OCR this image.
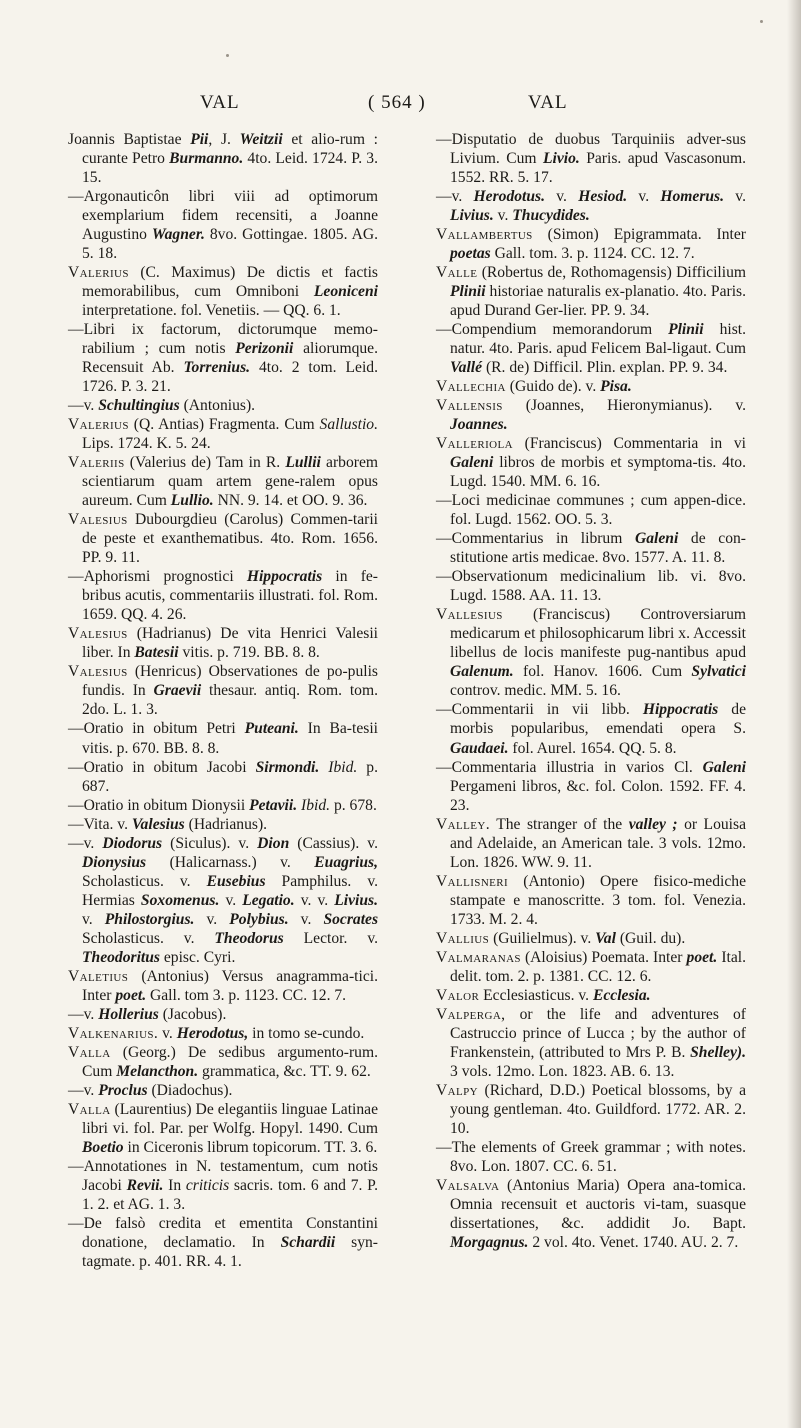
VAL	( 564 )	VAL
Joannis Baptistae Pii, J. Weitzii et alio-rum : curante Petro Burmanno. 4to. Leid. 1724. P. 3. 15.
—Argonauticôn libri viii ad optimorum exemplarium fidem recensiti, a Joanne Augustino Wagner. 8vo. Gottingae. 1805. AG. 5. 18.
Valerius (C. Maximus) De dictis et factis memorabilibus, cum Omniboni Leoniceni interpretatione. fol. Venetiis. — QQ. 6. 1.
—Libri ix factorum, dictorumque memo-rabilium ; cum notis Perizonii aliorumque. Recensuit Ab. Torrenius. 4to. 2 tom. Leid. 1726. P. 3. 21.
—v. Schultingius (Antonius).
Valerius (Q. Antias) Fragmenta. Cum Sallustio. Lips. 1724. K. 5. 24.
Valeriis (Valerius de) Tam in R. Lullii arborem scientiarum quam artem gene-ralem opus aureum. Cum Lullio. NN. 9. 14. et OO. 9. 36.
Valesius Dubourgdieu (Carolus) Commen-tarii de peste et exanthematibus. 4to. Rom. 1656. PP. 9. 11.
—Aphorismi prognostici Hippocratis in fe-bribus acutis, commentariis illustrati. fol. Rom. 1659. QQ. 4. 26.
Valesius (Hadrianus) De vita Henrici Valesii liber. In Batesii vitis. p. 719. BB. 8. 8.
Valesius (Henricus) Observationes de po-pulis fundis. In Graevii thesaur. antiq. Rom. tom. 2do. L. 1. 3.
—Oratio in obitum Petri Puteani. In Ba-tesii vitis. p. 670. BB. 8. 8.
—Oratio in obitum Jacobi Sirmondi. Ibid. p. 687.
—Oratio in obitum Dionysii Petavii. Ibid. p. 678.
—Vita. v. Valesius (Hadrianus).
—v. Diodorus (Siculus). v. Dion (Cassius). v. Dionysius (Halicarnass.) v. Euagrius, Scholasticus. v. Eusebius Pamphilus. v. Hermias Soxomenus. v. Legatio. v. v. Livius. v. Philostorgius. v. Polybius. v. Socrates Scholasticus. v. Theodorus Lector. v. Theodoritus episc. Cyri.
Valetius (Antonius) Versus anagramma-tici. Inter poet. Gall. tom 3. p. 1123. CC. 12. 7.
—v. Hollerius (Jacobus).
Valkenarius. v. Herodotus, in tomo se-cundo.
Valla (Georg.) De sedibus argumento-rum. Cum Melancthon. grammatica, &c. TT. 9. 62.
—v. Proclus (Diadochus).
Valla (Laurentius) De elegantiis linguae Latinae libri vi. fol. Par. per Wolfg. Hopyl. 1490. Cum Boetio in Ciceronis librum topicorum. TT. 3. 6.
—Annotationes in N. testamentum, cum notis Jacobi Revii. In criticis sacris. tom. 6 and 7. P. 1. 2. et AG. 1. 3.
—De falsò credita et ementita Constantini donatione, declamatio. In Schardii syn-tagmate. p. 401. RR. 4. 1.
—Disputatio de duobus Tarquiniis adver-sus Livium. Cum Livio. Paris. apud Vascasonum. 1552. RR. 5. 17.
—v. Herodotus. v. Hesiod. v. Homerus. v. Livius. v. Thucydides.
Vallambertus (Simon) Epigrammata. Inter poetas Gall. tom. 3. p. 1124. CC. 12. 7.
Valle (Robertus de, Rothomagensis) Difficilium Plinii historiae naturalis ex-planatio. 4to. Paris. apud Durand Ger-lier. PP. 9. 34.
—Compendium memorandorum Plinii hist. natur. 4to. Paris. apud Felicem Bal-ligaut. Cum Vallé (R. de) Difficil. Plin. explan. PP. 9. 34.
Vallechia (Guido de). v. Pisa.
Vallensis (Joannes, Hieronymianus). v. Joannes.
Valleriola (Franciscus) Commentaria in vi Galeni libros de morbis et symptoma-tis. 4to. Lugd. 1540. MM. 6. 16.
—Loci medicinae communes ; cum appen-dice. fol. Lugd. 1562. OO. 5. 3.
—Commentarius in librum Galeni de con-stitutione artis medicae. 8vo. 1577. A. 11. 8.
—Observationum medicinalium lib. vi. 8vo. Lugd. 1588. AA. 11. 13.
Vallesius (Franciscus) Controversiarum medicarum et philosophicarum libri x. Accessit libellus de locis manifeste pug-nantibus apud Galenum. fol. Hanov. 1606. Cum Sylvatici controv. medic. MM. 5. 16.
—Commentarii in vii libb. Hippocratis de morbis popularibus, emendati opera S. Gaudaei. fol. Aurel. 1654. QQ. 5. 8.
—Commentaria illustria in varios Cl. Galeni Pergameni libros, &c. fol. Colon. 1592. FF. 4. 23.
Valley. The stranger of the valley ; or Louisa and Adelaide, an American tale. 3 vols. 12mo. Lon. 1826. WW. 9. 11.
Vallisneri (Antonio) Opere fisico-mediche stampate e manoscritte. 3 tom. fol. Venezia. 1733. M. 2. 4.
Vallius (Guilielmus). v. Val (Guil. du).
Valmaranas (Aloisius) Poemata. Inter poet. Ital. delit. tom. 2. p. 1381. CC. 12. 6.
Valor Ecclesiasticus. v. Ecclesia.
Valperga, or the life and adventures of Castruccio prince of Lucca ; by the author of Frankenstein, (attributed to Mrs P. B. Shelley). 3 vols. 12mo. Lon. 1823. AB. 6. 13.
Valpy (Richard, D.D.) Poetical blossoms, by a young gentleman. 4to. Guildford. 1772. AR. 2. 10.
—The elements of Greek grammar ; with notes. 8vo. Lon. 1807. CC. 6. 51.
Valsalva (Antonius Maria) Opera ana-tomica. Omnia recensuit et auctoris vi-tam, suasque dissertationes, &c. addidit Jo. Bapt. Morgagnus. 2 vol. 4to. Venet. 1740. AU. 2. 7.
